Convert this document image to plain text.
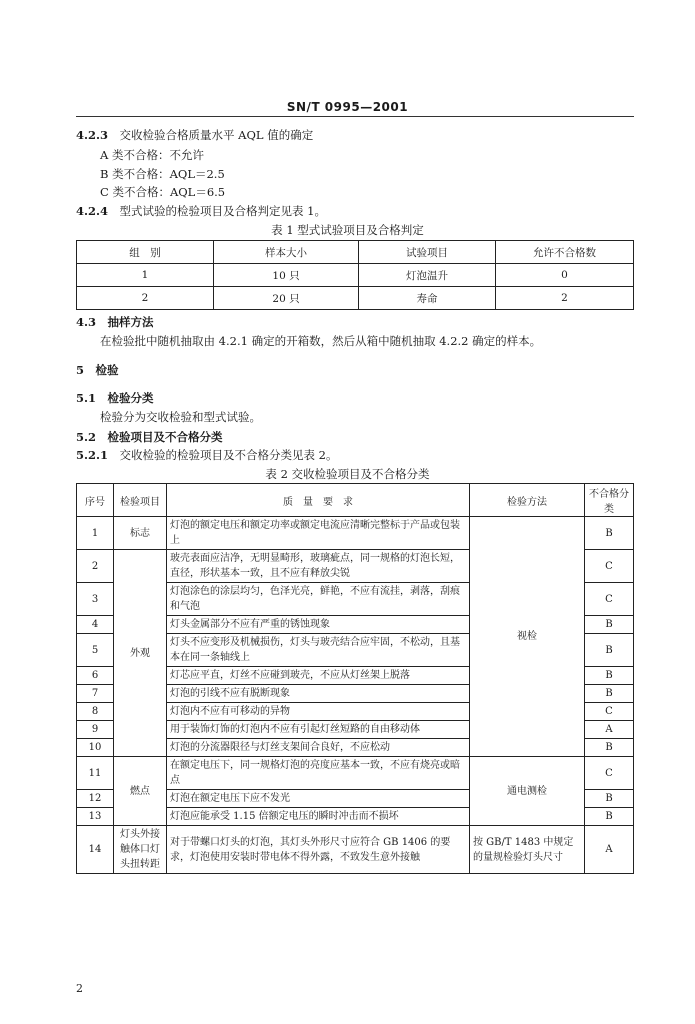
SN/T 0995—2001
4.2.3　 交收检验合格质量水平 AQL 值的确定
A 类不合格：不允许
B 类不合格：AQL＝2.5
C 类不合格：AQL＝6.5
4.2.4　 型式试验的检验项目及合格判定见表 1。
表 1 型式试验项目及合格判定
组　别	样本大小	试验项目	允许不合格数
1	10 只	灯泡温升	0
2	20 只	寿命	2
4.3　 抽样方法
在检验批中随机抽取由 4.2.1 确定的开箱数，然后从箱中随机抽取 4.2.2 确定的样本。
5　 检验
5.1　 检验分类
检验分为交收检验和型式试验。
5.2　 检验项目及不合格分类
5.2.1　 交收检验的检验项目及不合格分类见表 2。
表 2 交收检验项目及不合格分类
序号	检验项目	质　量　要　求	检验方法	不合格分类
1	标志	灯泡的额定电压和额定功率或额定电流应清晰完整标于产品或包装上	视检	B
2	外观	玻壳表面应洁净，无明显畸形，玻璃疵点，同一规格的灯泡长短，直径，形状基本一致，且不应有释放尖锐		C
3		灯泡涂色的涂层均匀，色泽光亮，鲜艳，不应有流挂，剥落，刮痕和气泡		C
4		灯头金属部分不应有严重的锈蚀现象		B
5		灯头不应变形及机械损伤，灯头与玻壳结合应牢固，不松动，且基本在同一条轴线上		B
6		灯芯应平直，灯丝不应碰到玻壳，不应从灯丝架上脱落		B
7		灯泡的引线不应有脱断现象		B
8		灯泡内不应有可移动的异物		C
9		用于装饰灯饰的灯泡内不应有引起灯丝短路的自由移动体		A
10		灯泡的分流器限径与灯丝支架间合良好，不应松动		B
11	燃点	在额定电压下，同一规格灯泡的亮度应基本一致，不应有烧亮或暗点	通电测检	C
12		灯泡在额定电压下应不发光		B
13		灯泡应能承受 1.15 倍额定电压的瞬时冲击而不损坏		B
14	灯头外接触体口灯头扭转距	对于带螺口灯头的灯泡，其灯头外形尺寸应符合 GB 1406 的要求，灯泡使用安装时带电体不得外露，不致发生意外接触	按 GB/T 1483 中规定的量规检验灯头尺寸	A
2
